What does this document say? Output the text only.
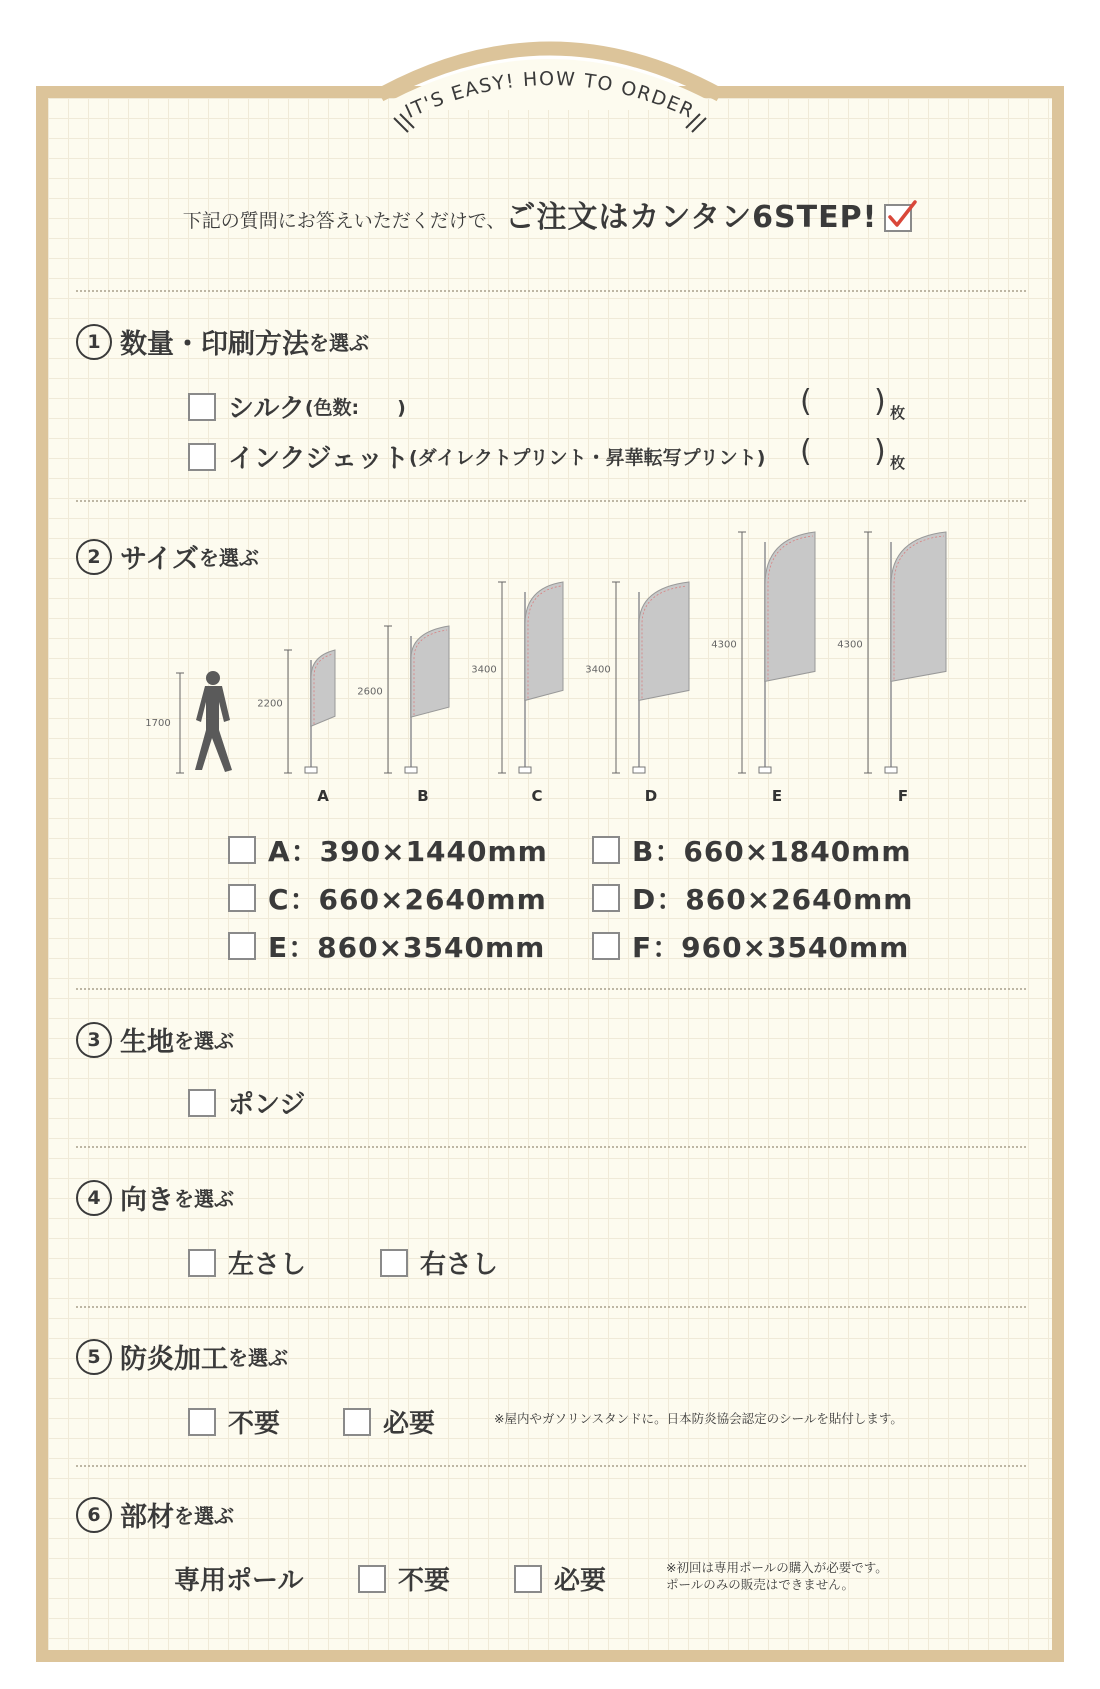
IT'S EASY! HOW TO ORDER
下記の質問にお答えいただくだけで、ご注文はカンタン6STEP!
1 数量・印刷方法を選ぶ
シルク(色数:　　)	( ) 枚
インクジェット(ダイレクトプリント・昇華転写プリント) ( ) 枚
2 サイズを選ぶ
1700
2200
A
2600
B
3400
C
3400
D
4300
E
4300
F
A：390×1440mm	B：660×1840mm
C：660×2640mm	D：860×2640mm
E：860×3540mm	F：960×3540mm
3 生地を選ぶ
ポンジ
4 向きを選ぶ
左さし	右さし
5 防炎加工を選ぶ
不要	必要	※屋内やガソリンスタンドに。日本防炎協会認定のシールを貼付します。
6 部材を選ぶ
専用ポール	不要	必要	※初回は専用ポールの購入が必要です。
ポールのみの販売はできません。
